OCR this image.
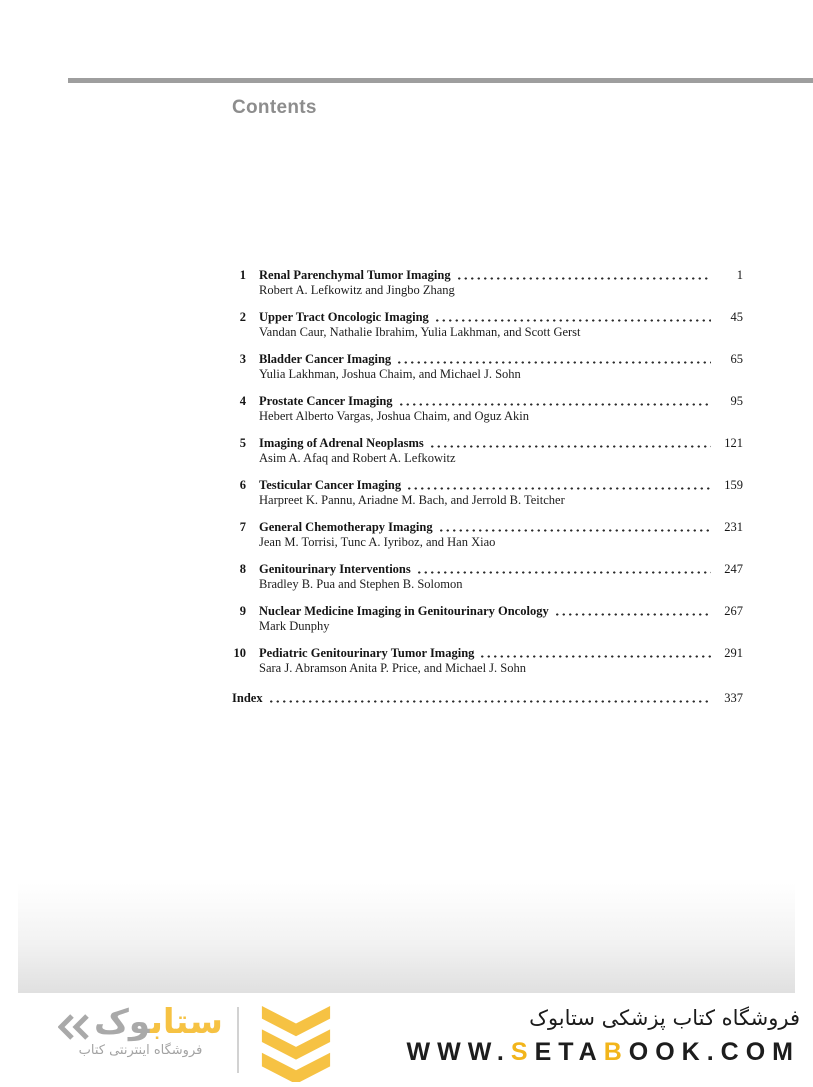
Contents
1 Renal Parenchymal Tumor Imaging	1
Robert A. Lefkowitz and Jingbo Zhang
2 Upper Tract Oncologic Imaging	45
Vandan Caur, Nathalie Ibrahim, Yulia Lakhman, and Scott Gerst
3 Bladder Cancer Imaging	65
Yulia Lakhman, Joshua Chaim, and Michael J. Sohn
4 Prostate Cancer Imaging	95
Hebert Alberto Vargas, Joshua Chaim, and Oguz Akin
5 Imaging of Adrenal Neoplasms	121
Asim A. Afaq and Robert A. Lefkowitz
6 Testicular Cancer Imaging	159
Harpreet K. Pannu, Ariadne M. Bach, and Jerrold B. Teitcher
7 General Chemotherapy Imaging	231
Jean M. Torrisi, Tunc A. Iyriboz, and Han Xiao
8 Genitourinary Interventions	247
Bradley B. Pua and Stephen B. Solomon
9 Nuclear Medicine Imaging in Genitourinary Oncology	267
Mark Dunphy
10 Pediatric Genitourinary Tumor Imaging	291
Sara J. Abramson Anita P. Price, and Michael J. Sohn
Index	337
ستابوک
فروشگاه اینترنتی کتاب
فروشگاه کتاب پزشکی ستابوک
WWW.SETABOOK.COM
